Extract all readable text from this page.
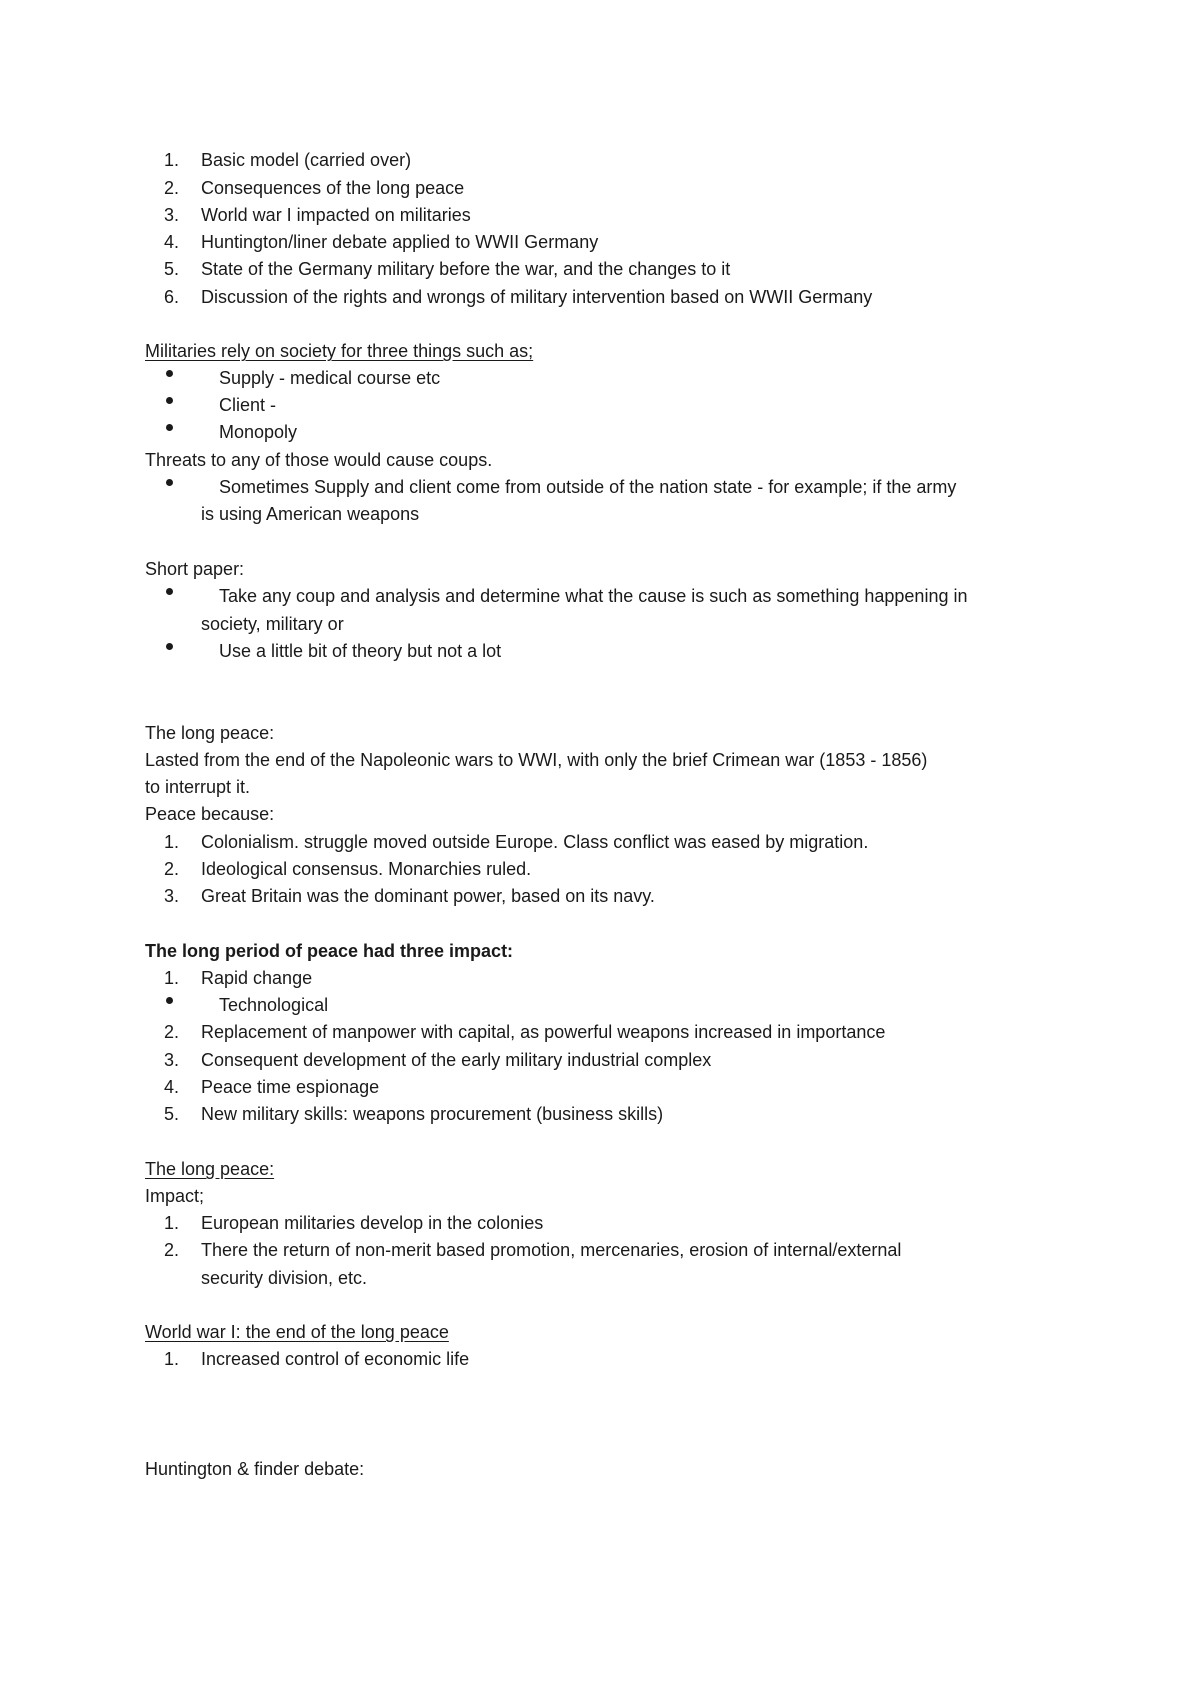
1. Basic model (carried over)
2. Consequences of the long peace
3. World war I impacted on militaries
4. Huntington/liner debate applied to WWII Germany
5. State of the Germany military before the war, and the changes to it
6. Discussion of the rights and wrongs of military intervention based on WWII Germany
Militaries rely on society for three things such as;
Supply - medical course etc
Client -
Monopoly
Threats to any of those would cause coups.
Sometimes Supply and client come from outside of the nation state - for example; if the army
is using American weapons
Short paper:
Take any coup and analysis and determine what the cause is such as something happening in
society, military or
Use a little bit of theory but not a lot
The long peace:
Lasted from the end of the Napoleonic wars to WWI, with only the brief Crimean war (1853 - 1856)
to interrupt it.
Peace because:
1. Colonialism. struggle moved outside Europe. Class conflict was eased by migration.
2. Ideological consensus. Monarchies ruled.
3. Great Britain was the dominant power, based on its navy.
The long period of peace had three impact:
1. Rapid change
Technological
2. Replacement of manpower with capital, as powerful weapons increased in importance
3. Consequent development of the early military industrial complex
4. Peace time espionage
5. New military skills: weapons procurement (business skills)
The long peace:
Impact;
1. European militaries develop in the colonies
2. There the return of non-merit based promotion, mercenaries, erosion of internal/external
security division, etc.
World war I: the end of the long peace
1. Increased control of economic life
Huntington & finder debate:
